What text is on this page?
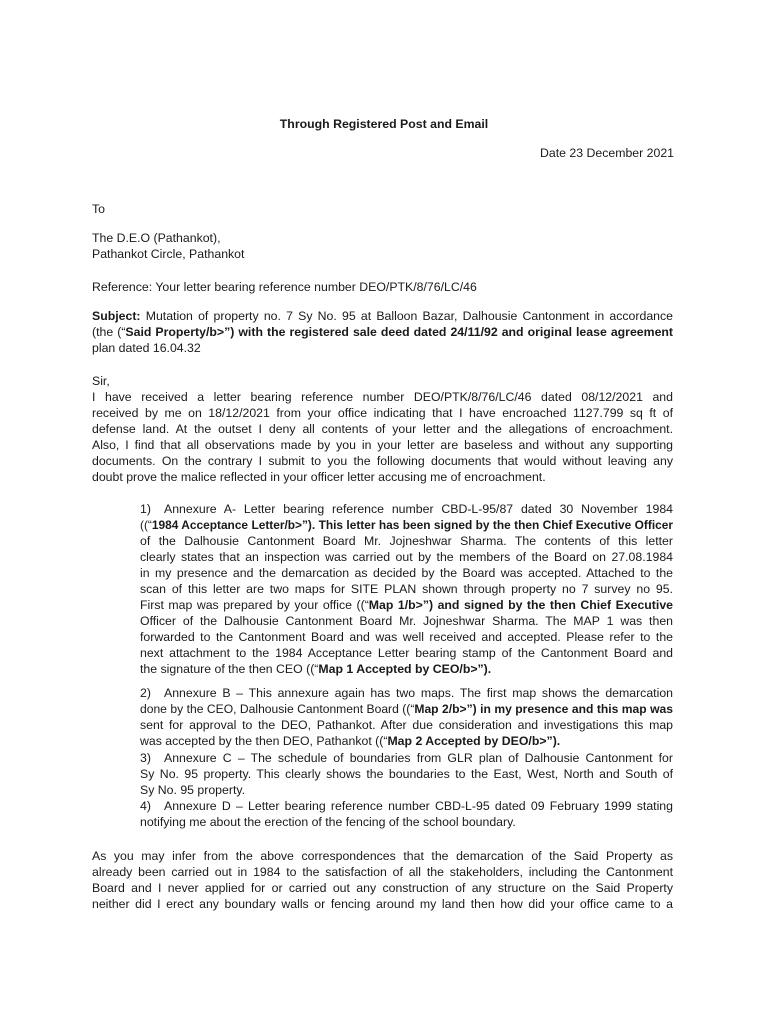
Through Registered Post and Email
Date 23 December 2021
To
The D.E.O (Pathankot),
Pathankot Circle, Pathankot
Reference: Your letter bearing reference number DEO/PTK/8/76/LC/46
Subject: Mutation of property no. 7 Sy No. 95 at Balloon Bazar, Dalhousie Cantonment in accordance
(the (“Said Property/b>”) with the registered sale deed dated 24/11/92 and original lease agreement
plan dated 16.04.32
Sir,
I have received a letter bearing reference number DEO/PTK/8/76/LC/46 dated 08/12/2021 and
received by me on 18/12/2021 from your office indicating that I have encroached 1127.799 sq ft of
defense land. At the outset I deny all contents of your letter and the allegations of encroachment.
Also, I find that all observations made by you in your letter are baseless and without any supporting
documents. On the contrary I submit to you the following documents that would without leaving any
doubt prove the malice reflected in your officer letter accusing me of encroachment.
1)	Annexure A- Letter bearing reference number CBD-L-95/87 dated 30 November 1984
((“1984 Acceptance Letter/b>”). This letter has been signed by the then Chief Executive Officer
of the Dalhousie Cantonment Board Mr. Jojneshwar Sharma. The contents of this letter
clearly states that an inspection was carried out by the members of the Board on 27.08.1984
in my presence and the demarcation as decided by the Board was accepted. Attached to the
scan of this letter are two maps for SITE PLAN shown through property no 7 survey no 95.
First map was prepared by your office ((“Map 1/b>”) and signed by the then Chief Executive
Officer of the Dalhousie Cantonment Board Mr. Jojneshwar Sharma. The MAP 1 was then
forwarded to the Cantonment Board and was well received and accepted. Please refer to the
next attachment to the 1984 Acceptance Letter bearing stamp of the Cantonment Board and
the signature of the then CEO ((“Map 1 Accepted by CEO/b>”).
2)	Annexure B – This annexure again has two maps. The first map shows the demarcation
done by the CEO, Dalhousie Cantonment Board ((“Map 2/b>”) in my presence and this map was
sent for approval to the DEO, Pathankot. After due consideration and investigations this map
was accepted by the then DEO, Pathankot ((“Map 2 Accepted by DEO/b>”).
3)	Annexure C – The schedule of boundaries from GLR plan of Dalhousie Cantonment for
Sy No. 95 property. This clearly shows the boundaries to the East, West, North and South of
Sy No. 95 property.
4)	Annexure D – Letter bearing reference number CBD-L-95 dated 09 February 1999 stating
notifying me about the erection of the fencing of the school boundary.
As you may infer from the above correspondences that the demarcation of the Said Property as
already been carried out in 1984 to the satisfaction of all the stakeholders, including the Cantonment
Board and I never applied for or carried out any construction of any structure on the Said Property
neither did I erect any boundary walls or fencing around my land then how did your office came to a
